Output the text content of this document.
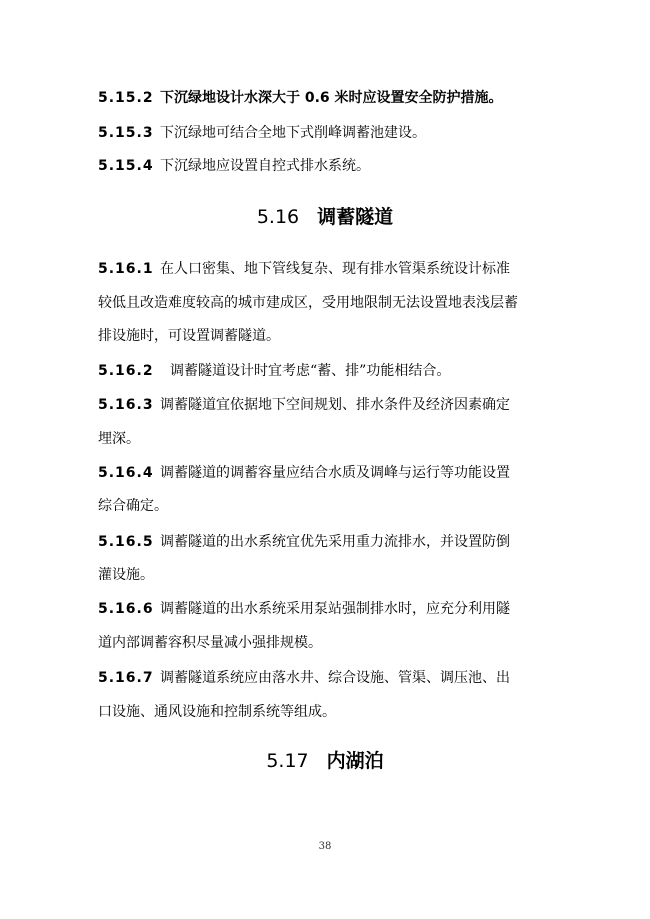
5.15.2 下沉绿地设计水深大于 0.6 米时应设置安全防护措施。
5.15.3 下沉绿地可结合全地下式削峰调蓄池建设。
5.15.4 下沉绿地应设置自控式排水系统。
5.16 调蓄隧道
5.16.1 在人口密集、地下管线复杂、现有排水管渠系统设计标准
较低且改造难度较高的城市建成区，受用地限制无法设置地表浅层蓄
排设施时，可设置调蓄隧道。
5.16.2 调蓄隧道设计时宜考虑“蓄、排”功能相结合。
5.16.3 调蓄隧道宜依据地下空间规划、排水条件及经济因素确定
埋深。
5.16.4 调蓄隧道的调蓄容量应结合水质及调峰与运行等功能设置
综合确定。
5.16.5 调蓄隧道的出水系统宜优先采用重力流排水，并设置防倒
灌设施。
5.16.6 调蓄隧道的出水系统采用泵站强制排水时，应充分利用隧
道内部调蓄容积尽量减小强排规模。
5.16.7 调蓄隧道系统应由落水井、综合设施、管渠、调压池、出
口设施、通风设施和控制系统等组成。
5.17 内湖泊
38
